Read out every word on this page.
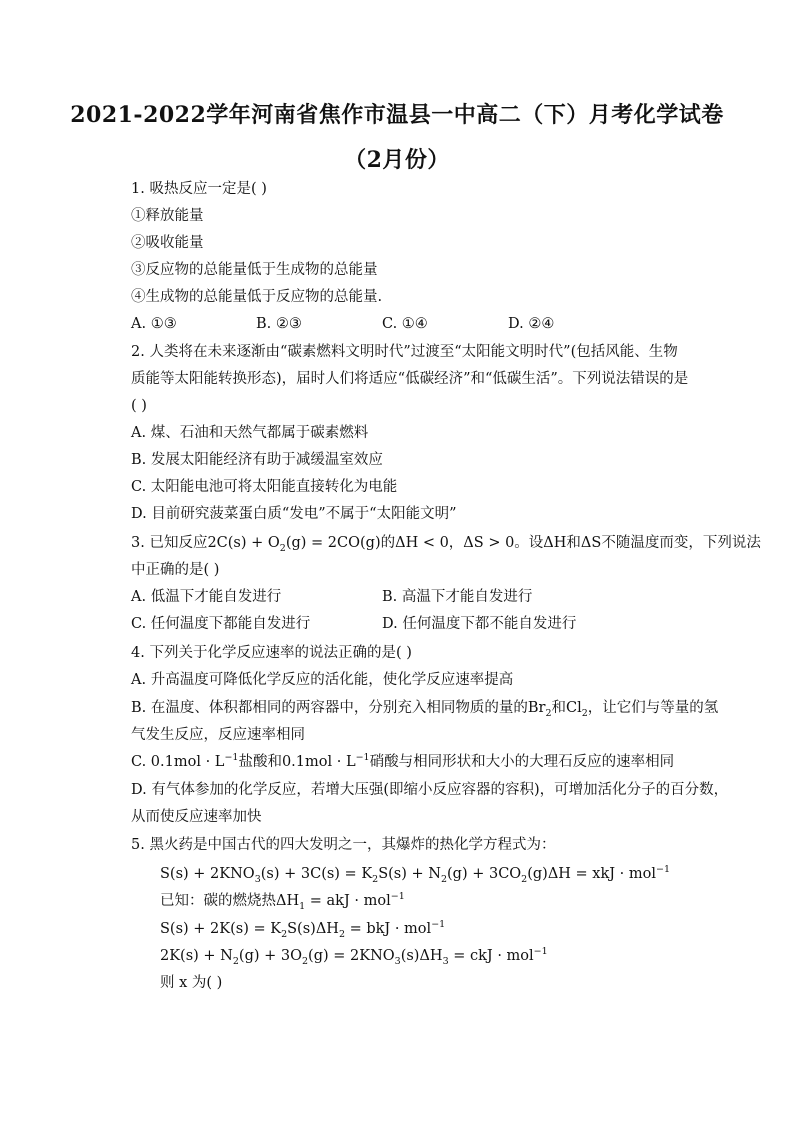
2021-2022学年河南省焦作市温县一中高二（下）月考化学试卷
（2月份）
1. 吸热反应一定是( )
①释放能量
②吸收能量
③反应物的总能量低于生成物的总能量
④生成物的总能量低于反应物的总能量.
A. ①③	B. ②③	C. ①④	D. ②④
2. 人类将在未来逐渐由“碳素燃料文明时代”过渡至“太阳能文明时代”(包括风能、生物
质能等太阳能转换形态)，届时人们将适应“低碳经济”和“低碳生活”。下列说法错误的是
( )
A. 煤、石油和天然气都属于碳素燃料
B. 发展太阳能经济有助于减缓温室效应
C. 太阳能电池可将太阳能直接转化为电能
D. 目前研究菠菜蛋白质“发电”不属于“太阳能文明”
3. 已知反应$2C(s) + O_2(g) = 2CO(g)$的ΔH < 0，ΔS > 0。设ΔH和ΔS不随温度而变，下列说法
中正确的是( )
A. 低温下才能自发进行	B. 高温下才能自发进行
C. 任何温度下都能自发进行	D. 任何温度下都不能自发进行
4. 下列关于化学反应速率的说法正确的是( )
A. 升高温度可降低化学反应的活化能，使化学反应速率提高
B. 在温度、体积都相同的两容器中，分别充入相同物质的量的$Br_2$和$Cl_2$，让它们与等量的氢
气发生反应，反应速率相同
C. $0.1mol \cdot L^{-1}$盐酸和$0.1mol \cdot L^{-1}$硝酸与相同形状和大小的大理石反应的速率相同
D. 有气体参加的化学反应，若增大压强(即缩小反应容器的容积)，可增加活化分子的百分数，
从而使反应速率加快
5. 黑火药是中国古代的四大发明之一，其爆炸的热化学方程式为：
$S(s) + 2KNO_3(s) + 3C(s) = K_2S(s) + N_2(g) + 3CO_2(g)\Delta H$ = xkJ · mol$^{-1}$
已知：碳的燃烧热$\Delta H_1$ = akJ · mol$^{-1}$
$S(s) + 2K(s) = K_2S(s)\Delta H_2$ = bkJ · mol$^{-1}$
$2K(s) + N_2(g) + 3O_2(g) = 2KNO_3(s)\Delta H_3$ = ckJ · mol$^{-1}$
则 x 为( )
